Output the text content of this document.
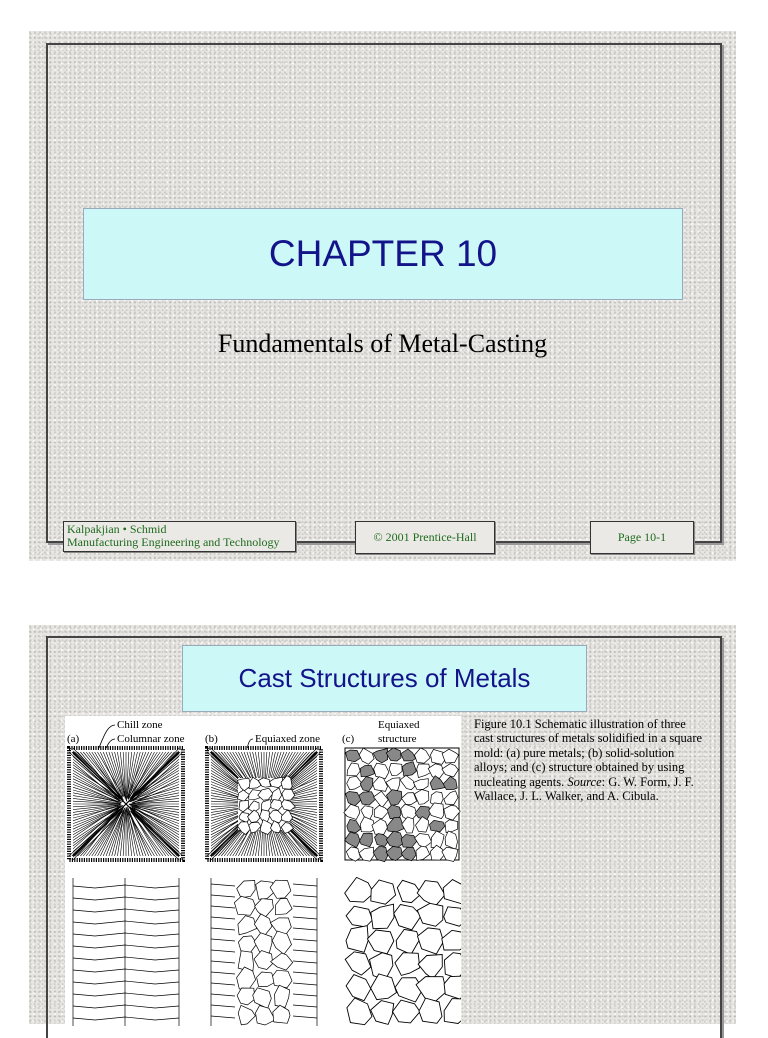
CHAPTER 10
Fundamentals of Metal-Casting
Kalpakjian • Schmid
Manufacturing Engineering and Technology	© 2001 Prentice-Hall	Page 10-1
Cast Structures of Metals
(a)
Chill zone
Columnar zone (b)	Equiaxed zone (c)
Equiaxed
structure
Figure 10.1 Schematic illustration of three cast structures of metals solidified in a square mold: (a) pure metals; (b) solid-solution alloys; and (c) structure obtained by using nucleating agents. Source: G. W. Form, J. F. Wallace, J. L. Walker, and A. Cibula.
